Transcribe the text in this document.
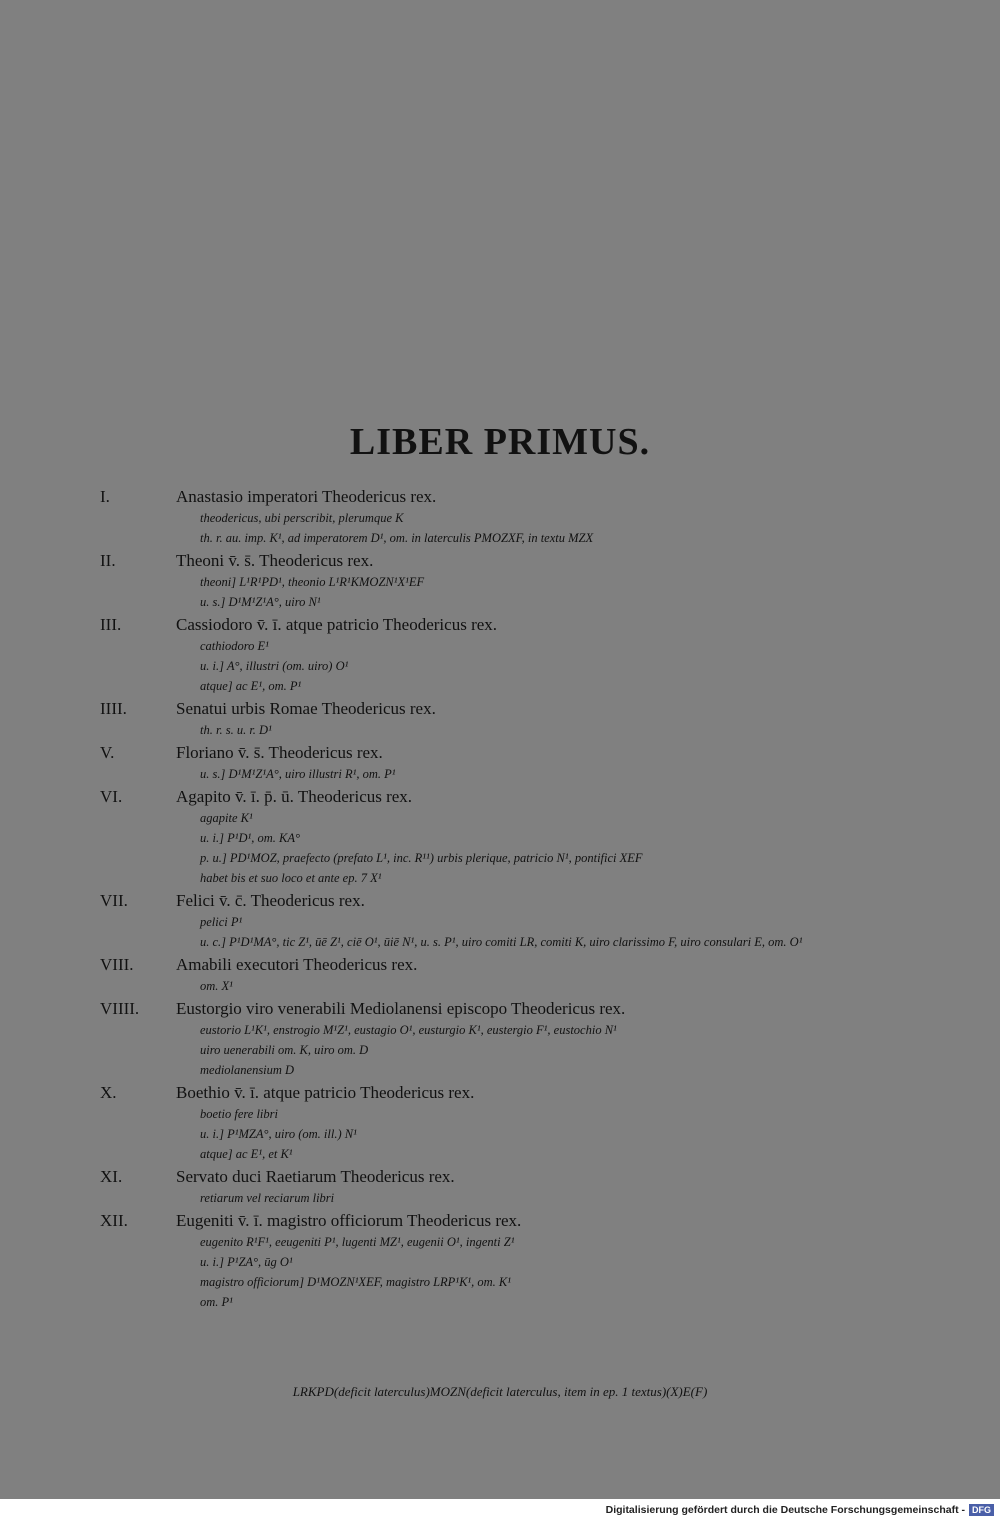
LIBER PRIMUS.
I.	Anastasio imperatori Theodericus rex.
theodericus, ubi perscribit, plerumque K
th. r. au. imp. K¹, ad imperatorem D¹, om. in laterculis PMOZXF, in textu MZX
II.	Theoni v̄. s̄. Theodericus rex.
theoni] L¹R¹PD¹, theonio L¹R¹KMOZN¹X¹EF
u. s.] D¹M¹Z¹A°, uiro N¹
III.	Cassiodoro v̄. ī. atque patricio Theodericus rex.
cathiodoro E¹
u. i.] A°, illustri (om. uiro) O¹
atque] ac E¹, om. P¹
IIII.	Senatui urbis Romae Theodericus rex.
th. r. s. u. r. D¹
V.	Floriano v̄. s̄. Theodericus rex.
u. s.] D¹M¹Z¹A°, uiro illustri R¹, om. P¹
VI.	Agapito v̄. ī. p̄. ū. Theodericus rex.
agapite K¹
u. i.] P¹D¹, om. KA°
p. u.] PD¹MOZ, praefecto (prefato L¹, inc. R¹¹) urbis plerique, patricio N¹, pontifici XEF
habet bis et suo loco et ante ep. 7 X¹
VII.	Felici v̄. c̄. Theodericus rex.
pelici P¹
u. c.] P¹D¹MA°, tic Z¹, ūē Z¹, ciē O¹, ūiē N¹, u. s. P¹, uiro comiti LR, comiti K, uiro clarissimo F, uiro consulari E, om. O¹
VIII.	Amabili executori Theodericus rex.
om. X¹
VIIII.	Eustorgio viro venerabili Mediolanensi episcopo Theodericus rex.
eustorio L¹K¹, enstrogio M¹Z¹, eustagio O¹, eusturgio K¹, eustergio F¹, eustochio N¹
uiro uenerabili om. K, uiro om. D
mediolanensium D
X.	Boethio v̄. ī. atque patricio Theodericus rex.
boetio fere libri
u. i.] P¹MZA°, uiro (om. ill.) N¹
atque] ac E¹, et K¹
XI.	Servato duci Raetiarum Theodericus rex.
retiarum vel reciarum libri
XII.	Eugeniti v̄. ī. magistro officiorum Theodericus rex.
eugenito R¹F¹, eeugeniti P¹, lugenti MZ¹, eugenii O¹, ingenti Z¹
u. i.] P¹ZA°, ūg O¹
magistro officiorum] D¹MOZN¹XEF, magistro LRP¹K¹, om. K¹
om. P¹
LRKPD(deficit laterculus)MOZN(deficit laterculus, item in ep. 1 textus)(X)E(F)
Digitalisierung gefördert durch die Deutsche Forschungsgemeinschaft - DFG
